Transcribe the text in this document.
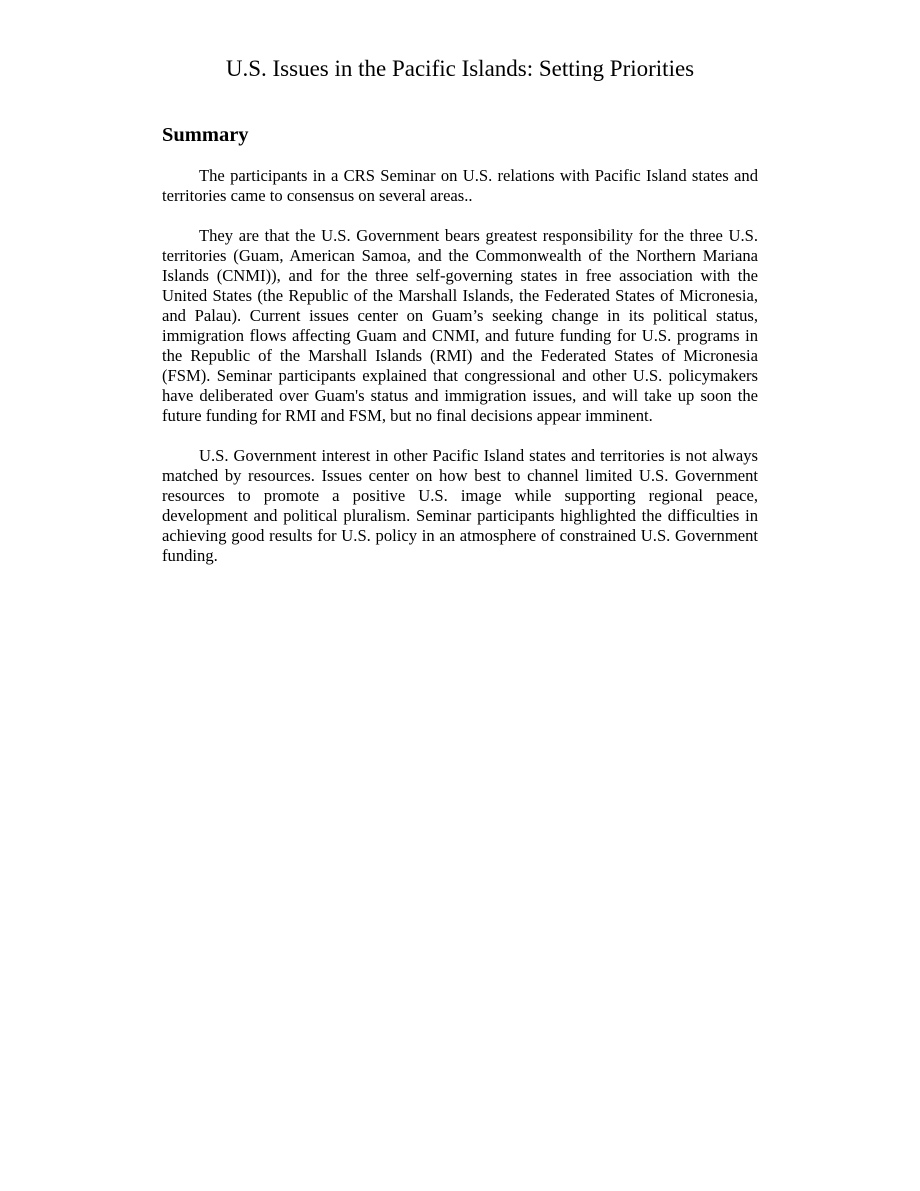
U.S. Issues in the Pacific Islands: Setting Priorities
Summary

The participants in a CRS Seminar on U.S. relations with Pacific Island states and territories came to consensus on several areas..

They are that the U.S. Government bears greatest responsibility for the three U.S. territories (Guam, American Samoa, and the Commonwealth of the Northern Mariana Islands (CNMI)), and for the three self-governing states in free association with the United States (the Republic of the Marshall Islands, the Federated States of Micronesia, and Palau). Current issues center on Guam’s seeking change in its political status, immigration flows affecting Guam and CNMI, and future funding for U.S. programs in the Republic of the Marshall Islands (RMI) and the Federated States of Micronesia (FSM). Seminar participants explained that congressional and other U.S. policymakers have deliberated over Guam's status and immigration issues, and will take up soon the future funding for RMI and FSM, but no final decisions appear imminent.

U.S. Government interest in other Pacific Island states and territories is not always matched by resources. Issues center on how best to channel limited U.S. Government resources to promote a positive U.S. image while supporting regional peace, development and political pluralism. Seminar participants highlighted the difficulties in achieving good results for U.S. policy in an atmosphere of constrained U.S. Government funding.
